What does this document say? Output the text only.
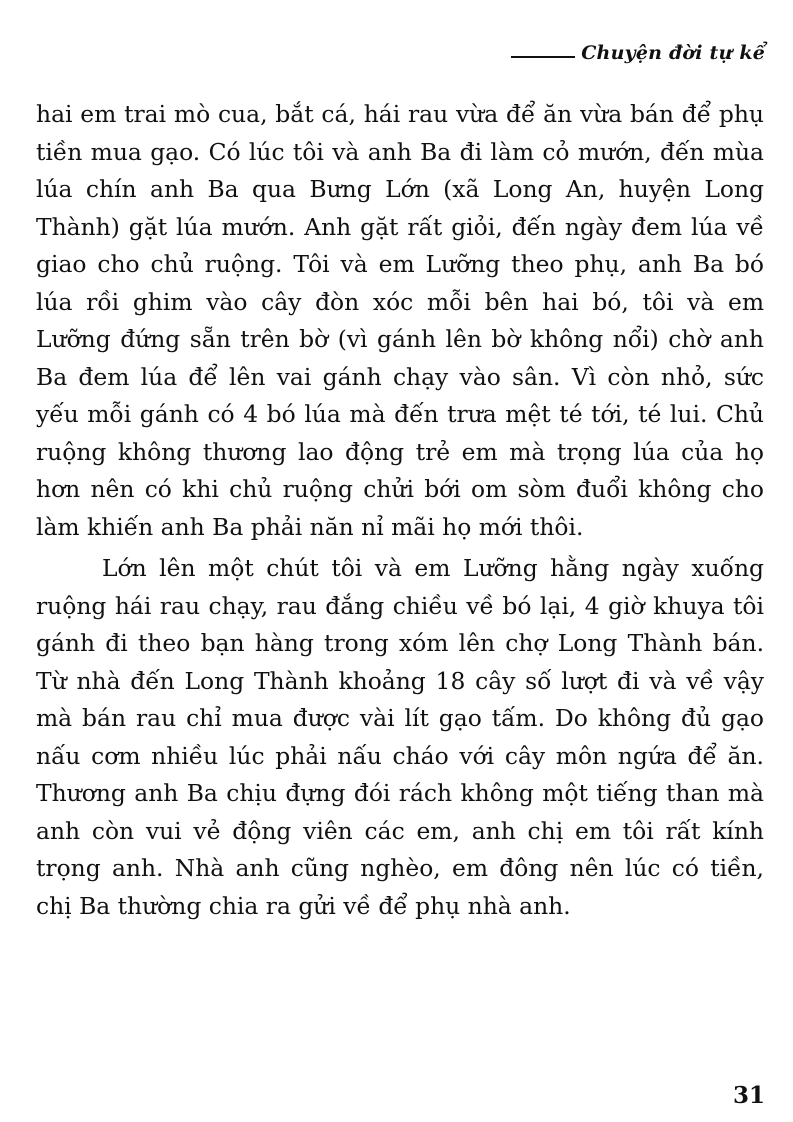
Chuyện đời tự kể

hai em trai mò cua, bắt cá, hái rau vừa để ăn vừa bán để phụ tiền mua gạo. Có lúc tôi và anh Ba đi làm cỏ mướn, đến mùa lúa chín anh Ba qua Bưng Lớn (xã Long An, huyện Long Thành) gặt lúa mướn. Anh gặt rất giỏi, đến ngày đem lúa về giao cho chủ ruộng. Tôi và em Lưỡng theo phụ, anh Ba bó lúa rồi ghim vào cây đòn xóc mỗi bên hai bó, tôi và em Lưỡng đứng sẵn trên bờ (vì gánh lên bờ không nổi) chờ anh Ba đem lúa để lên vai gánh chạy vào sân. Vì còn nhỏ, sức yếu mỗi gánh có 4 bó lúa mà đến trưa mệt té tới, té lui. Chủ ruộng không thương lao động trẻ em mà trọng lúa của họ hơn nên có khi chủ ruộng chửi bới om sòm đuổi không cho làm khiến anh Ba phải năn nỉ mãi họ mới thôi.

Lớn lên một chút tôi và em Lưỡng hằng ngày xuống ruộng hái rau chạy, rau đắng chiều về bó lại, 4 giờ khuya tôi gánh đi theo bạn hàng trong xóm lên chợ Long Thành bán. Từ nhà đến Long Thành khoảng 18 cây số lượt đi và về vậy mà bán rau chỉ mua được vài lít gạo tấm. Do không đủ gạo nấu cơm nhiều lúc phải nấu cháo với cây môn ngứa để ăn. Thương anh Ba chịu đựng đói rách không một tiếng than mà anh còn vui vẻ động viên các em, anh chị em tôi rất kính trọng anh. Nhà anh cũng nghèo, em đông nên lúc có tiền, chị Ba thường chia ra gửi về để phụ nhà anh.

31
